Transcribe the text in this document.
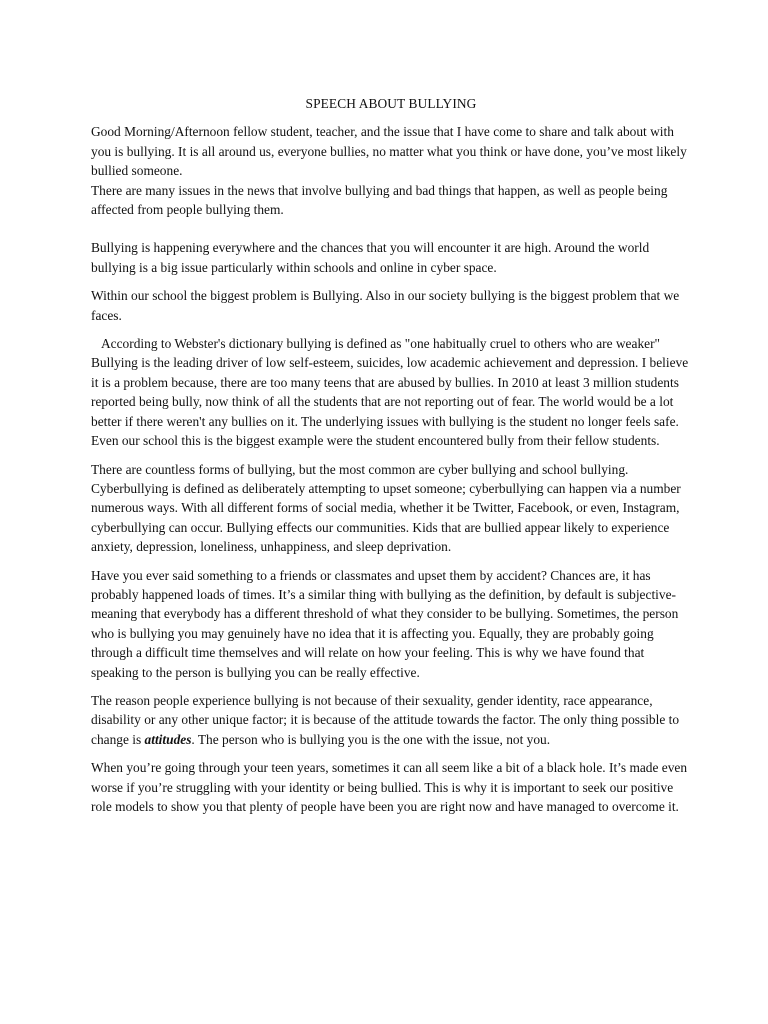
SPEECH ABOUT BULLYING

Good Morning/Afternoon fellow student, teacher, and the issue that I have come to share and talk about with you is bullying. It is all around us, everyone bullies, no matter what you think or have done, you’ve most likely bullied someone.

There are many issues in the news that involve bullying and bad things that happen, as well as people being affected from people bullying them.

Bullying is happening everywhere and the chances that you will encounter it are high. Around the world bullying is a big issue particularly within schools and online in cyber space.

Within our school the biggest problem is Bullying. Also in our society bullying is the biggest problem that we faces.

According to Webster's dictionary bullying is defined as "one habitually cruel to others who are weaker" Bullying is the leading driver of low self-esteem, suicides, low academic achievement and depression. I believe it is a problem because, there are too many teens that are abused by bullies. In 2010 at least 3 million students reported being bully, now think of all the students that are not reporting out of fear. The world would be a lot better if there weren't any bullies on it. The underlying issues with bullying is the student no longer feels safe. Even our school this is the biggest example were the student encountered bully from their fellow students.

There are countless forms of bullying, but the most common are cyber bullying and school bullying. Cyberbullying is defined as deliberately attempting to upset someone; cyberbullying can happen via a number numerous ways. With all different forms of social media, whether it be Twitter, Facebook, or even, Instagram, cyberbullying can occur. Bullying effects our communities. Kids that are bullied appear likely to experience anxiety, depression, loneliness, unhappiness, and sleep deprivation.

Have you ever said something to a friends or classmates and upset them by accident? Chances are, it has probably happened loads of times. It’s a similar thing with bullying as the definition, by default is subjective-meaning that everybody has a different threshold of what they consider to be bullying. Sometimes, the person who is bullying you may genuinely have no idea that it is affecting you. Equally, they are probably going through a difficult time themselves and will relate on how your feeling. This is why we have found that speaking to the person is bullying you can be really effective.

The reason people experience bullying is not because of their sexuality, gender identity, race appearance, disability or any other unique factor; it is because of the attitude towards the factor. The only thing possible to change is attitudes. The person who is bullying you is the one with the issue, not you.

When you’re going through your teen years, sometimes it can all seem like a bit of a black hole. It’s made even worse if you’re struggling with your identity or being bullied. This is why it is important to seek our positive role models to show you that plenty of people have been you are right now and have managed to overcome it.
